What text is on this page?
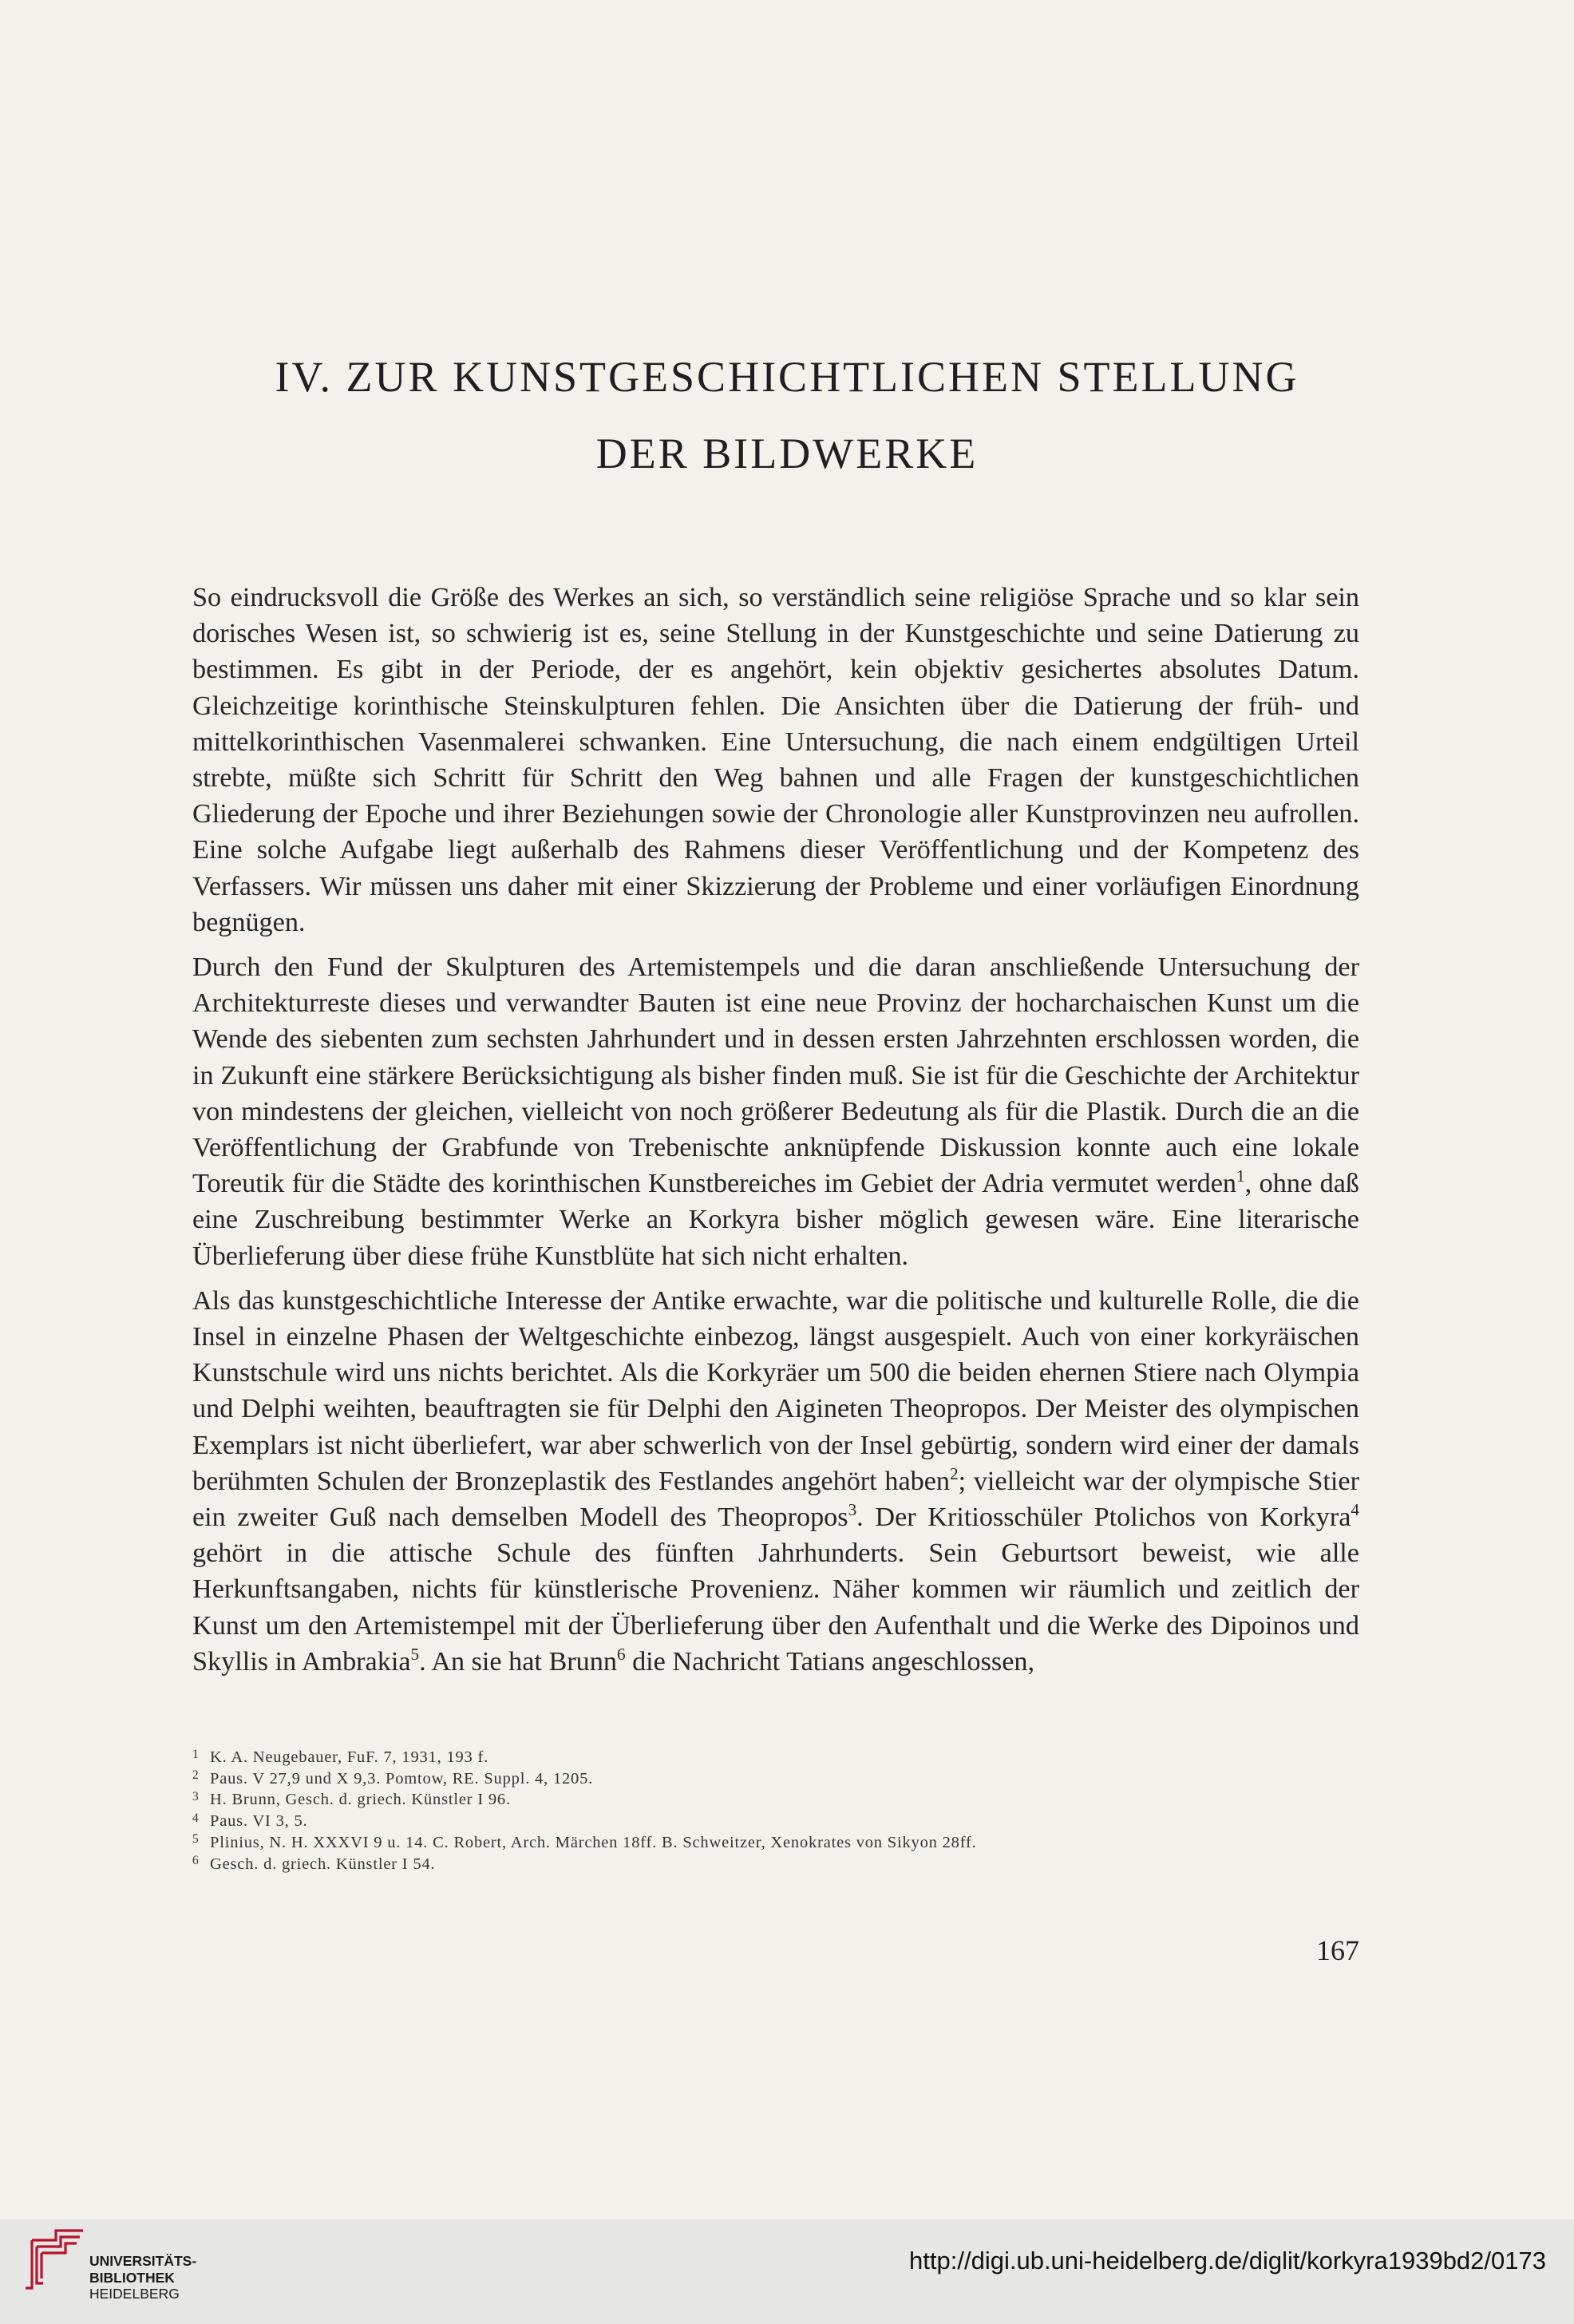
IV. ZUR KUNSTGESCHICHTLICHEN STELLUNG
DER BILDWERKE

So eindrucksvoll die Größe des Werkes an sich, so verständlich seine religiöse Sprache und so klar sein dorisches Wesen ist, so schwierig ist es, seine Stellung in der Kunstgeschichte und seine Datierung zu bestimmen. Es gibt in der Periode, der es angehört, kein objektiv gesichertes absolutes Datum. Gleichzeitige korinthische Steinskulpturen fehlen. Die Ansichten über die Datierung der früh- und mittelkorinthischen Vasenmalerei schwanken. Eine Untersuchung, die nach einem endgültigen Urteil strebte, müßte sich Schritt für Schritt den Weg bahnen und alle Fragen der kunstgeschichtlichen Gliederung der Epoche und ihrer Beziehungen sowie der Chronologie aller Kunstprovinzen neu aufrollen. Eine solche Aufgabe liegt außerhalb des Rahmens dieser Veröffentlichung und der Kompetenz des Verfassers. Wir müssen uns daher mit einer Skizzierung der Probleme und einer vorläufigen Einordnung begnügen.

Durch den Fund der Skulpturen des Artemistempels und die daran anschließende Untersuchung der Architekturreste dieses und verwandter Bauten ist eine neue Provinz der hocharchaischen Kunst um die Wende des siebenten zum sechsten Jahrhundert und in dessen ersten Jahrzehnten erschlossen worden, die in Zukunft eine stärkere Berücksichtigung als bisher finden muß. Sie ist für die Geschichte der Architektur von mindestens der gleichen, vielleicht von noch größerer Bedeutung als für die Plastik. Durch die an die Veröffentlichung der Grabfunde von Trebenischte anknüpfende Diskussion konnte auch eine lokale Toreutik für die Städte des korinthischen Kunstbereiches im Gebiet der Adria vermutet werden$^1$, ohne daß eine Zuschreibung bestimmter Werke an Korkyra bisher möglich gewesen wäre. Eine literarische Überlieferung über diese frühe Kunstblüte hat sich nicht erhalten.

Als das kunstgeschichtliche Interesse der Antike erwachte, war die politische und kulturelle Rolle, die die Insel in einzelne Phasen der Weltgeschichte einbezog, längst ausgespielt. Auch von einer korkyräischen Kunstschule wird uns nichts berichtet. Als die Korkyräer um 500 die beiden ehernen Stiere nach Olympia und Delphi weihten, beauftragten sie für Delphi den Aigineten Theopropos. Der Meister des olympischen Exemplars ist nicht überliefert, war aber schwerlich von der Insel gebürtig, sondern wird einer der damals berühmten Schulen der Bronzeplastik des Festlandes angehört haben$^2$; vielleicht war der olympische Stier ein zweiter Guß nach demselben Modell des Theopropos$^3$. Der Kritiosschüler Ptolichos von Korkyra$^4$ gehört in die attische Schule des fünften Jahrhunderts. Sein Geburtsort beweist, wie alle Herkunftsangaben, nichts für künstlerische Provenienz. Näher kommen wir räumlich und zeitlich der Kunst um den Artemistempel mit der Überlieferung über den Aufenthalt und die Werke des Dipoinos und Skyllis in Ambrakia$^5$. An sie hat Brunn$^6$ die Nachricht Tatians angeschlossen,

1 K. A. Neugebauer, FuF. 7, 1931, 193 f.
2 Paus. V 27,9 und X 9,3. Pomtow, RE. Suppl. 4, 1205.
3 H. Brunn, Gesch. d. griech. Künstler I 96.
4 Paus. VI 3, 5.
5 Plinius, N. H. XXXVI 9 u. 14. C. Robert, Arch. Märchen 18ff. B. Schweitzer, Xenokrates von Sikyon 28ff.
6 Gesch. d. griech. Künstler I 54.
167
UNIVERSITÄTS-
BIBLIOTHEK
HEIDELBERG
http://digi.ub.uni-heidelberg.de/diglit/korkyra1939bd2/0173
